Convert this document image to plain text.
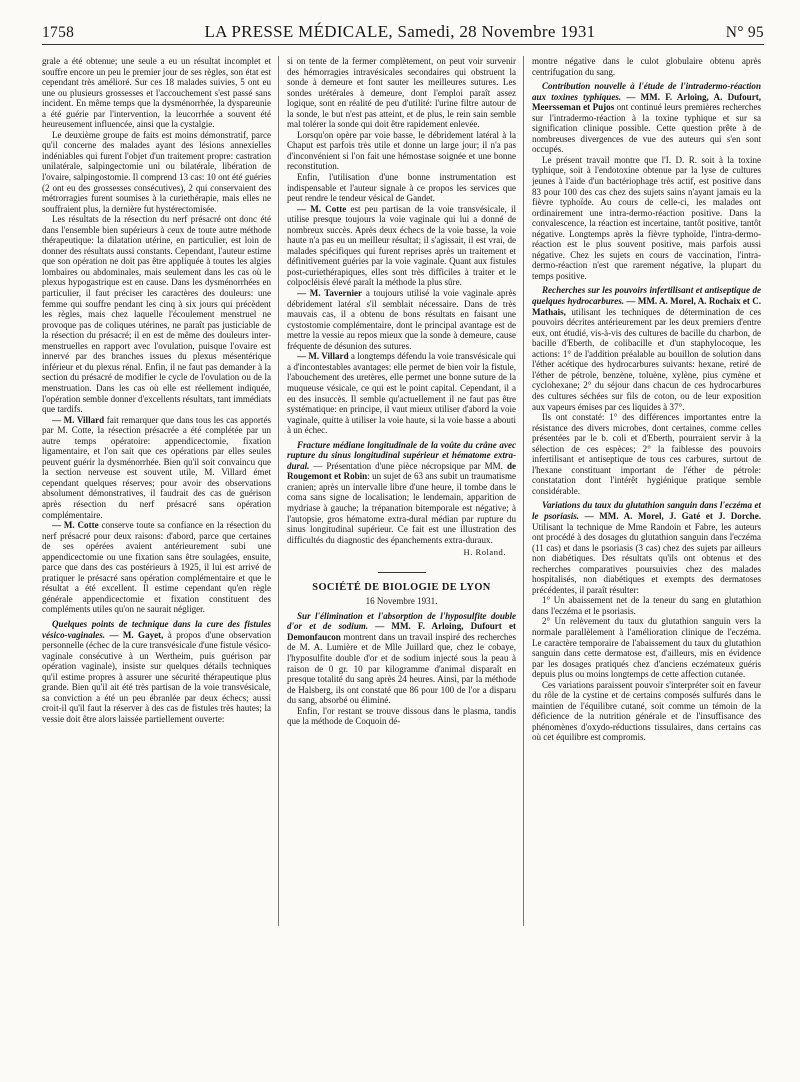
1758	LA PRESSE MÉDICALE, Samedi, 28 Novembre 1931	N° 95

grale a été obtenue; une seule a eu un résultat incomplet et souffre encore un peu le premier jour de ses règles, son état est cependant très amélioré. Sur ces 18 malades suivies, 5 ont eu une ou plusieurs grossesses et l'accouchement s'est passé sans incident. En même temps que la dysménorrhée, la dyspareunie a été guérie par l'intervention, la leucorrhée a souvent été heureusement influencée, ainsi que la cystalgie.

Le deuxième groupe de faits est moins démonstratif, parce qu'il concerne des malades ayant des lésions annexielles indéniables qui furent l'objet d'un traitement propre: castration unilatérale, salpingectomie uni ou bilatérale, libération de l'ovaire, salpingostomie. Il comprend 13 cas: 10 ont été guéries (2 ont eu des grossesses consécutives), 2 qui conservaient des métrorragies furent soumises à la curiethérapie, mais elles ne souffraient plus, la dernière fut hystérectomisée.

Les résultats de la résection du nerf présacré ont donc été dans l'ensemble bien supérieurs à ceux de toute autre méthode thérapeutique: la dilatation utérine, en particulier, est loin de donner des résultats aussi constants. Cependant, l'auteur estime que son opération ne doit pas être appliquée à toutes les algies lombaires ou abdominales, mais seulement dans les cas où le plexus hypogastrique est en cause. Dans les dysménorrhées en particulier, il faut préciser les caractères des douleurs: une femme qui souffre pendant les cinq à six jours qui précèdent les règles, mais chez laquelle l'écoulement menstruel ne provoque pas de coliques utérines, ne paraît pas justiciable de la résection du présacré; il en est de même des douleurs inter-menstruelles en rapport avec l'ovulation, puisque l'ovaire est innervé par des branches issues du plexus mésentérique inférieur et du plexus rénal. Enfin, il ne faut pas demander à la section du présacré de modifier le cycle de l'ovulation ou de la menstruation. Dans les cas où elle est réellement indiquée, l'opération semble donner d'excellents résultats, tant immédiats que tardifs.

— M. Villard fait remarquer que dans tous les cas apportés par M. Cotte, la résection présacrée a été complétée par un autre temps opératoire: appendicectomie, fixation ligamentaire, et l'on sait que ces opérations par elles seules peuvent guérir la dysménorrhée. Bien qu'il soit convaincu que la section nerveuse est souvent utile, M. Villard émet cependant quelques réserves; pour avoir des observations absolument démonstratives, il faudrait des cas de guérison après résection du nerf présacré sans opération complémentaire.

— M. Cotte conserve toute sa confiance en la résection du nerf présacré pour deux raisons: d'abord, parce que certaines de ses opérées avaient antérieurement subi une appendicectomie ou une fixation sans être soulagées, ensuite, parce que dans des cas postérieurs à 1925, il lui est arrivé de pratiquer le présacré sans opération complémentaire et que le résultat a été excellent. Il estime cependant qu'en règle générale appendicectomie et fixation constituent des compléments utiles qu'on ne saurait négliger.

Quelques points de technique dans la cure des fistules vésico-vaginales. — M. Gayet, à propos d'une observation personnelle (échec de la cure transvésicale d'une fistule vésico-vaginale consécutive à un Wertheim, puis guérison par opération vaginale), insiste sur quelques détails techniques qu'il estime propres à assurer une sécurité thérapeutique plus grande. Bien qu'il ait été très partisan de la voie transvésicale, sa conviction a été un peu ébranlée par deux échecs; aussi croit-il qu'il faut la réserver à des cas de fistules très hautes; la vessie doit être alors laissée partiellement ouverte:

si on tente de la fermer complètement, on peut voir survenir des hémorragies intravésicales secondaires qui obstruent la sonde à demeure et font sauter les meilleures sutures. Les sondes urétérales à demeure, dont l'emploi paraît assez logique, sont en réalité de peu d'utilité: l'urine filtre autour de la sonde, le but n'est pas atteint, et de plus, le rein sain semble mal tolérer la sonde qui doit être rapidement enlevée.

Lorsqu'on opère par voie basse, le débridement latéral à la Chaput est parfois très utile et donne un large jour; il n'a pas d'inconvénient si l'on fait une hémostase soignée et une bonne reconstitution.

Enfin, l'utilisation d'une bonne instrumentation est indispensable et l'auteur signale à ce propos les services que peut rendre le tendeur vésical de Gandet.

— M. Cotte est peu partisan de la voie transvésicale, il utilise presque toujours la voie vaginale qui lui a donné de nombreux succès. Après deux échecs de la voie basse, la voie haute n'a pas eu un meilleur résultat; il s'agissait, il est vrai, de malades spécifiques qui furent reprises après un traitement et définitivement guéries par la voie vaginale. Quant aux fistules post-curiethérapiques, elles sont très difficiles à traiter et le colpocléisis élevé paraît la méthode la plus sûre.

— M. Tavernier a toujours utilisé la voie vaginale après débridement latéral s'il semblait nécessaire. Dans de très mauvais cas, il a obtenu de bons résultats en faisant une cystostomie complémentaire, dont le principal avantage est de mettre la vessie au repos mieux que la sonde à demeure, cause fréquente de désunion des sutures.

— M. Villard a longtemps défendu la voie transvésicale qui a d'incontestables avantages: elle permet de bien voir la fistule, l'abouchement des uretères, elle permet une bonne suture de la muqueuse vésicale, ce qui est le point capital. Cependant, il a eu des insuccès. Il semble qu'actuellement il ne faut pas être systématique: en principe, il vaut mieux utiliser d'abord la voie vaginale, quitte à utiliser la voie haute, si la voie basse a abouti à un échec.

Fracture médiane longitudinale de la voûte du crâne avec rupture du sinus longitudinal supérieur et hématome extra-dural. — Présentation d'une pièce nécropsique par MM. de Rougemont et Robin: un sujet de 63 ans subit un traumatisme cranien; après un intervalle libre d'une heure, il tombe dans le coma sans signe de localisation; le lendemain, apparition de mydriase à gauche; la trépanation bitemporale est négative; à l'autopsie, gros hématome extra-dural médian par rupture du sinus longitudinal supérieur. Ce fait est une illustration des difficultés du diagnostic des épanchements extra-duraux.

H. Roland.
SOCIÉTÉ DE BIOLOGIE DE LYON
16 Novembre 1931.

Sur l'élimination et l'absorption de l'hyposulfite double d'or et de sodium. — MM. F. Arloing, Dufourt et Demonfaucon montrent dans un travail inspiré des recherches de M. A. Lumière et de Mlle Juillard que, chez le cobaye, l'hyposulfite double d'or et de sodium injecté sous la peau à raison de 0 gr. 10 par kilogramme d'animal disparaît en presque totalité du sang après 24 heures. Ainsi, par la méthode de Halsberg, ils ont constaté que 86 pour 100 de l'or a disparu du sang, absorbé ou éliminé.

Enfin, l'or restant se trouve dissous dans le plasma, tandis que la méthode de Coquoin dé-

montre négative dans le culot globulaire obtenu après centrifugation du sang.

Contribution nouvelle à l'étude de l'intradermo-réaction aux toxines typhiques. — MM. F. Arloing, A. Dufourt, Meersseman et Pujos ont continué leurs premières recherches sur l'intradermo-réaction à la toxine typhique et sur sa signification clinique possible. Cette question prête à de nombreuses divergences de vue des auteurs qui s'en sont occupés.

Le présent travail montre que l'I. D. R. soit à la toxine typhique, soit à l'endotoxine obtenue par la lyse de cultures jeunes à l'aide d'un bactériophage très actif, est positive dans 83 pour 100 des cas chez des sujets sains n'ayant jamais eu la fièvre typhoïde. Au cours de celle-ci, les malades ont ordinairement une intra-dermo-réaction positive. Dans la convalescence, la réaction est incertaine, tantôt positive, tantôt négative. Longtemps après la fièvre typhoïde, l'intra-dermo-réaction est le plus souvent positive, mais parfois aussi négative. Chez les sujets en cours de vaccination, l'intra-dermo-réaction n'est que rarement négative, la plupart du temps positive.

Recherches sur les pouvoirs infertilisant et antiseptique de quelques hydrocarbures. — MM. A. Morel, A. Rochaix et C. Mathais, utilisant les techniques de détermination de ces pouvoirs décrites antérieurement par les deux premiers d'entre eux, ont étudié, vis-à-vis des cultures de bacille du charbon, de bacille d'Eberth, de colibacille et d'un staphylocoque, les actions: 1° de l'addition préalable au bouillon de solution dans l'éther acétique des hydrocarbures suivants: hexane, retiré de l'éther de pétrole, benzène, toluène, xylène, pius cymène et cyclohexane; 2° du séjour dans chacun de ces hydrocarbures des cultures séchées sur fils de coton, ou de leur exposition aux vapeurs émises par ces liquides à 37°.

Ils ont constaté: 1° des différences importantes entre la résistance des divers microbes, dont certaines, comme celles présentées par le b. coli et d'Eberth, pourraient servir à la sélection de ces espèces; 2° la faiblesse des pouvoirs infertilisant et antiseptique de tous ces carbures, surtout de l'hexane constituant important de l'éther de pétrole: constatation dont l'intérêt hygiénique pratique semble considérable.

Variations du taux du glutathion sanguin dans l'eczéma et le psoriasis. — MM. A. Morel, J. Gaté et J. Dorche. Utilisant la technique de Mme Randoin et Fabre, les auteurs ont procédé à des dosages du glutathion sanguin dans l'eczéma (11 cas) et dans le psoriasis (3 cas) chez des sujets par ailleurs non diabétiques. Des résultats qu'ils ont obtenus et des recherches comparatives poursuivies chez des malades hospitalisés, non diabétiques et exempts des dermatoses précédentes, il paraît résulter:

1° Un abaissement net de la teneur du sang en glutathion dans l'eczéma et le psoriasis.

2° Un relèvement du taux du glutathion sanguin vers la normale parallèlement à l'amélioration clinique de l'eczéma. Le caractère temporaire de l'abaissement du taux du glutathion sanguin dans cette dermatose est, d'ailleurs, mis en évidence par les dosages pratiqués chez d'anciens eczémateux guéris depuis plus ou moins longtemps de cette affection cutanée.

Ces variations paraissent pouvoir s'interpréter soit en faveur du rôle de la cystine et de certains composés sulfurés dans le maintien de l'équilibre cutané, soit comme un témoin de la déficience de la nutrition générale et de l'insuffisance des phénomènes d'oxydo-réductions tissulaires, dans certains cas où cet équilibre est compromis.
